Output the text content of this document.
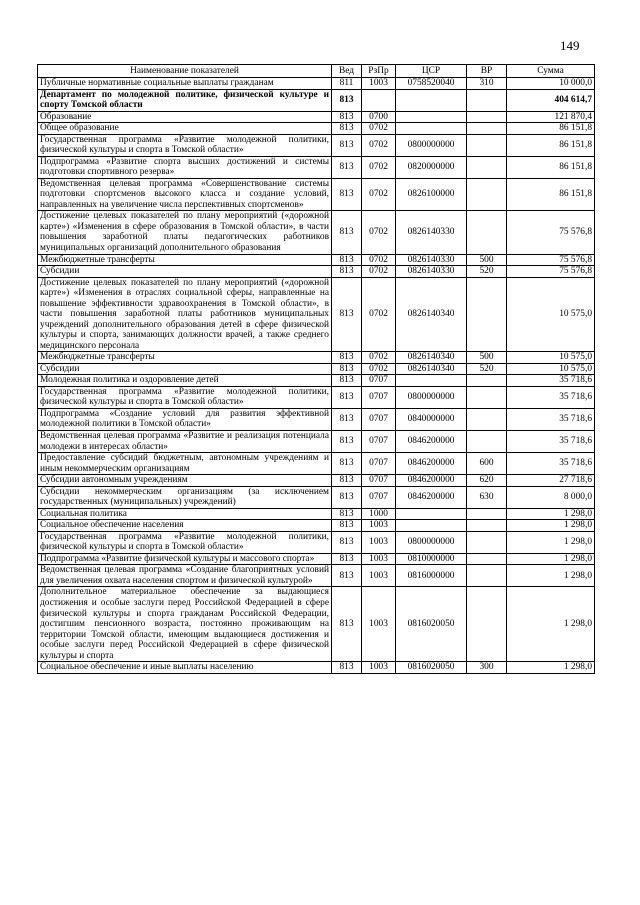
149
Наименование показателей	Вед	РзПр	ЦСР	ВР	Сумма
Публичные нормативные социальные выплаты гражданам	811	1003	0758520040	310	10 000,0
Департамент по молодежной политике, физической культуре и спорту Томской области	813				404 614,7
Образование	813	0700			121 870,4
Общее образование	813	0702			86 151,8
Государственная программа «Развитие молодежной политики, физической культуры и спорта в Томской области»	813	0702	0800000000		86 151,8
Подпрограмма «Развитие спорта высших достижений и системы подготовки спортивного резерва»	813	0702	0820000000		86 151,8
Ведомственная целевая программа «Совершенствование системы подготовки спортсменов высокого класса и создание условий, направленных на увеличение числа перспективных спортсменов»	813	0702	0826100000		86 151,8
Достижение целевых показателей по плану мероприятий («дорожной карте») «Изменения в сфере образования в Томской области», в части повышения заработной платы педагогических работников муниципальных организаций дополнительного образования	813	0702	0826140330		75 576,8
Межбюджетные трансферты	813	0702	0826140330	500	75 576,8
Субсидии	813	0702	0826140330	520	75 576,8
Достижение целевых показателей по плану мероприятий («дорожной карте») «Изменения в отраслях социальной сферы, направленные на повышение эффективности здравоохранения в Томской области», в части повышения заработной платы работников муниципальных учреждений дополнительного образования детей в сфере физической культуры и спорта, занимающих должности врачей, а также среднего медицинского персонала	813	0702	0826140340		10 575,0
Межбюджетные трансферты	813	0702	0826140340	500	10 575,0
Субсидии	813	0702	0826140340	520	10 575,0
Молодежная политика и оздоровление детей	813	0707			35 718,6
Государственная программа «Развитие молодежной политики, физической культуры и спорта в Томской области»	813	0707	0800000000		35 718,6
Подпрограмма «Создание условий для развития эффективной молодежной политики в Томской области»	813	0707	0840000000		35 718,6
Ведомственная целевая программа «Развитие и реализация потенциала молодежи в интересах области»	813	0707	0846200000		35 718,6
Предоставление субсидий бюджетным, автономным учреждениям и иным некоммерческим организациям	813	0707	0846200000	600	35 718,6
Субсидии автономным учреждениям	813	0707	0846200000	620	27 718,6
Субсидии некоммерческим организациям (за исключением государственных (муниципальных) учреждений)	813	0707	0846200000	630	8 000,0
Социальная политика	813	1000			1 298,0
Социальное обеспечение населения	813	1003			1 298,0
Государственная программа «Развитие молодежной политики, физической культуры и спорта в Томской области»	813	1003	0800000000		1 298,0
Подпрограмма «Развитие физической культуры и массового спорта»	813	1003	0810000000		1 298,0
Ведомственная целевая программа «Создание благоприятных условий для увеличения охвата населения спортом и физической культурой»	813	1003	0816000000		1 298,0
Дополнительное материальное обеспечение за выдающиеся достижения и особые заслуги перед Российской Федерацией в сфере физической культуры и спорта гражданам Российской Федерации, достигшим пенсионного возраста, постоянно проживающим на территории Томской области, имеющим выдающиеся достижения и особые заслуги перед Российской Федерацией в сфере физической культуры и спорта	813	1003	0816020050		1 298,0
Социальное обеспечение и иные выплаты населению	813	1003	0816020050	300	1 298,0
